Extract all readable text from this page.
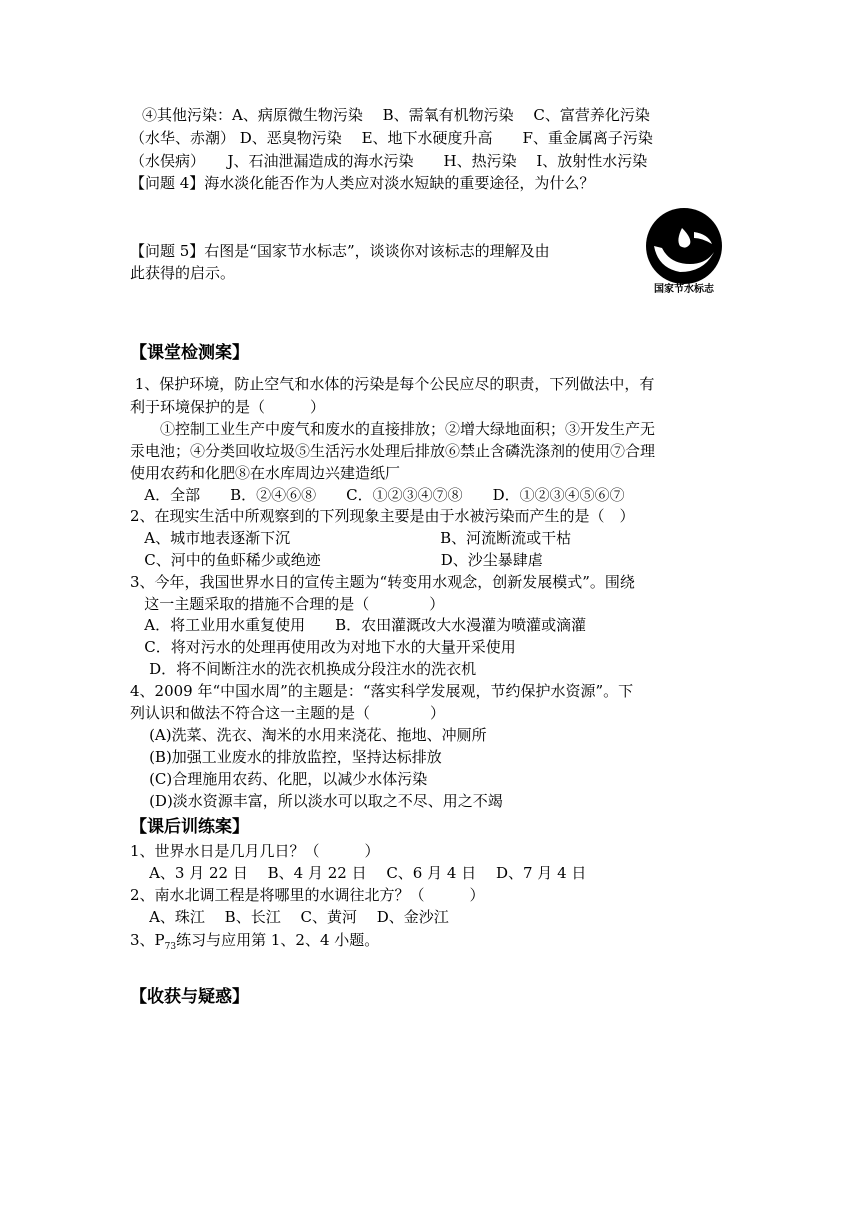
④其他污染：A、病原微生物污染　 B、需氧有机物污染　 C、富营养化污染
（水华、赤潮） D、恶臭物污染　 E、地下水硬度升高　　F、重金属离子污染
（水俣病）　　J、石油泄漏造成的海水污染　　H、热污染　 I、放射性水污染
【问题 4】海水淡化能否作为人类应对淡水短缺的重要途径，为什么？
【问题 5】右图是“国家节水标志”，谈谈你对该标志的理解及由
此获得的启示。
国家节水标志
【课堂检测案】
1、保护环境，防止空气和水体的污染是每个公民应尽的职责，下列做法中，有
利于环境保护的是（　　　）
　①控制工业生产中废气和废水的直接排放；②增大绿地面积；③开发生产无
汞电池；④分类回收垃圾⑤生活污水处理后排放⑥禁止含磷洗涤剂的使用⑦合理
使用农药和化肥⑧在水库周边兴建造纸厂
A．全部　　B．②④⑥⑧　　C．①②③④⑦⑧　　D．①②③④⑤⑥⑦
2、在现实生活中所观察到的下列现象主要是由于水被污染而产生的是（　）
A、城市地表逐渐下沉　　　　　　　　　　B、河流断流或干枯
C、河中的鱼虾稀少或绝迹　　　　　　　　D、沙尘暴肆虐
3、今年，我国世界水日的宣传主题为“转变用水观念，创新发展模式”。围绕
这一主题采取的措施不合理的是（　　　　）
A．将工业用水重复使用　　B．农田灌溉改大水漫灌为喷灌或滴灌
C．将对污水的处理再使用改为对地下水的大量开采使用
D．将不间断注水的洗衣机换成分段注水的洗衣机
4、2009 年“中国水周”的主题是：“落实科学发展观，节约保护水资源”。下
列认识和做法不符合这一主题的是（　　　　）
(A)洗菜、洗衣、淘米的水用来浇花、拖地、冲厕所
(B)加强工业废水的排放监控，坚持达标排放
(C)合理施用农药、化肥，以减少水体污染
(D)淡水资源丰富，所以淡水可以取之不尽、用之不竭
【课后训练案】
1、世界水日是几月几日？（　　　）
A、3 月 22 日　 B、4 月 22 日　 C、6 月 4 日　 D、7 月 4 日
2、南水北调工程是将哪里的水调往北方？（　　　）
A、珠江　 B、长江　 C、黄河　 D、金沙江
3、$P_{73}$练习与应用第 1、2、4 小题。
【收获与疑惑】
